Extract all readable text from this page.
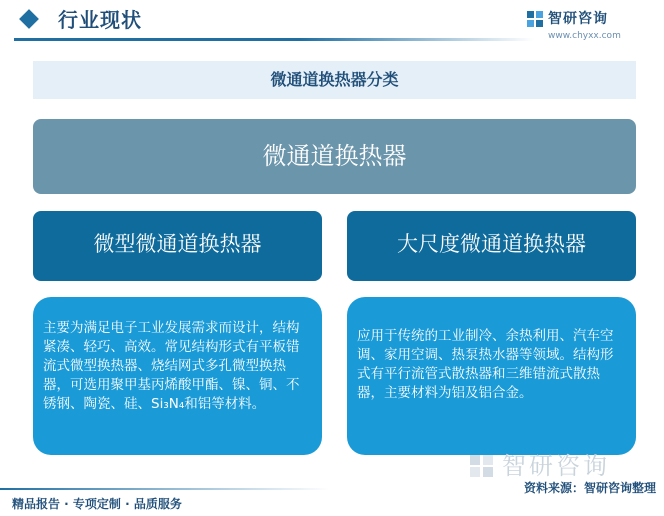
行业现状	智研咨询
www.chyxx.com
微通道换热器分类
微通道换热器
微型微通道换热器	大尺度微通道换热器
主要为满足电子工业发展需求而设计，结构紧凑、轻巧、高效。常见结构形式有平板错流式微型换热器、烧结网式多孔微型换热器，可选用聚甲基丙烯酸甲酯、镍、铜、不锈钢、陶瓷、硅、Si₃N₄和铝等材料。
应用于传统的工业制冷、余热利用、汽车空调、家用空调、热泵热水器等领域。结构形式有平行流管式散热器和三维错流式散热器，主要材料为铝及铝合金。
智研咨询
资料来源：智研咨询整理
精品报告 · 专项定制 · 品质服务
